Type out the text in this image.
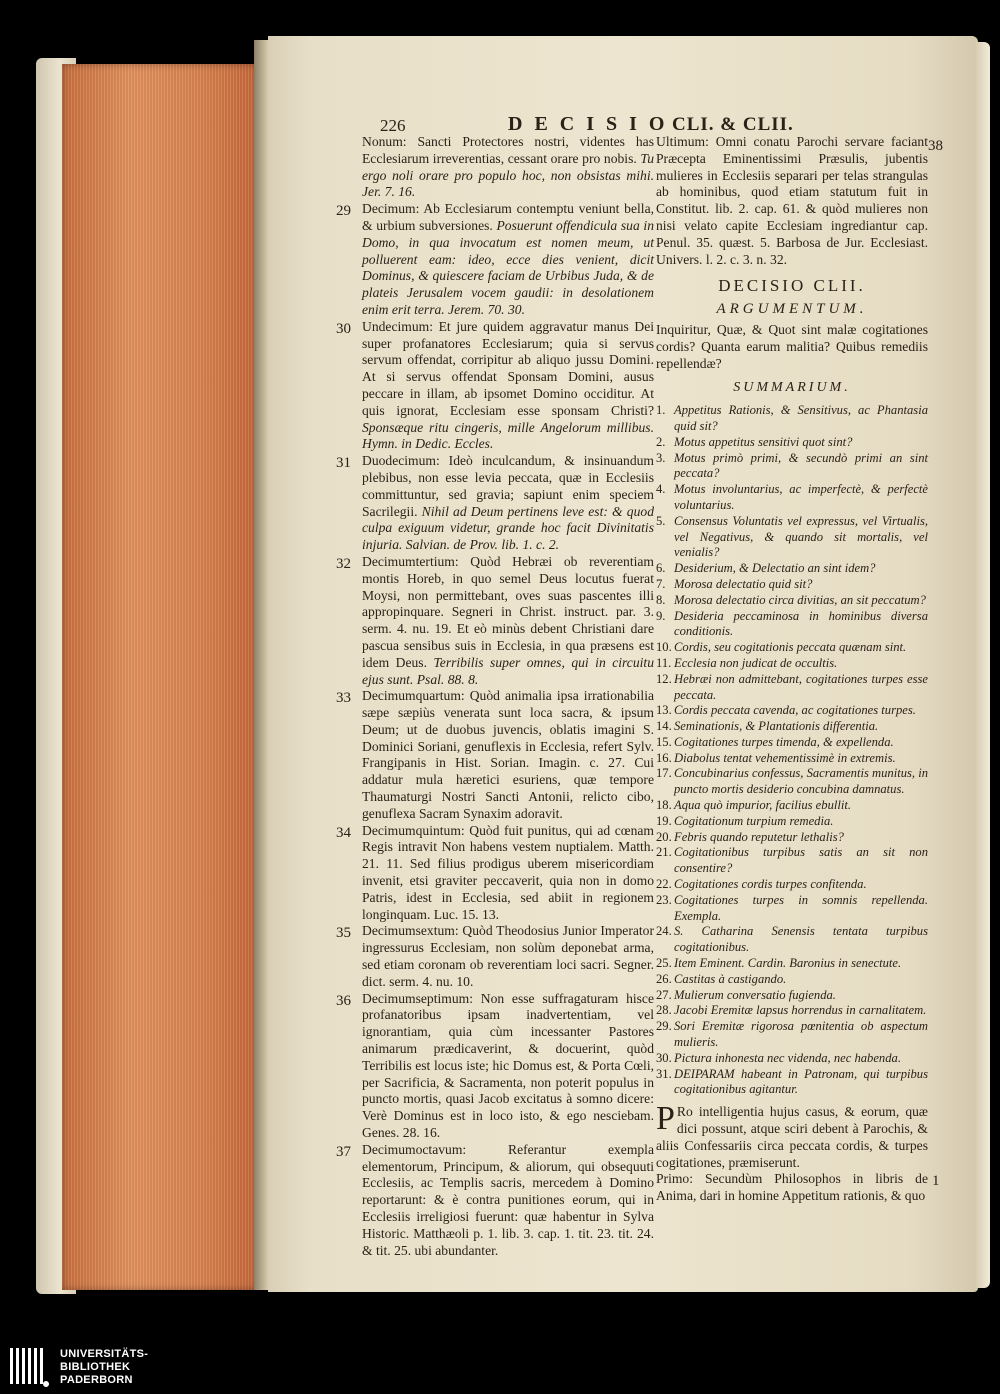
226	DECISIO
CLI. & CLII.

Nonum: Sancti Protectores nostri, videntes has Ecclesiarum irreverentias, cessant orare pro nobis. Tu ergo noli orare pro populo hoc, non obsistas mihi. Jer. 7. 16.

29 Decimum: Ab Ecclesiarum contemptu veniunt bella, & urbium subversiones. Posuerunt offendicula sua in Domo, in qua invocatum est nomen meum, ut polluerent eam: ideo, ecce dies venient, dicit Dominus, & quiescere faciam de Urbibus Juda, & de plateis Jerusalem vocem gaudii: in desolationem enim erit terra. Jerem. 70. 30.

30 Undecimum: Et jure quidem aggravatur manus Dei super profanatores Ecclesiarum; quia si servus servum offendat, corripitur ab aliquo jussu Domini. At si servus offendat Sponsam Domini, ausus peccare in illam, ab ipsomet Domino occiditur. At quis ignorat, Ecclesiam esse sponsam Christi? Sponsæque ritu cingeris, mille Angelorum millibus. Hymn. in Dedic. Eccles.

31 Duodecimum: Ideò inculcandum, & insinuandum plebibus, non esse levia peccata, quæ in Ecclesiis committuntur, sed gravia; sapiunt enim speciem Sacrilegii. Nihil ad Deum pertinens leve est: & quod culpa exiguum videtur, grande hoc facit Divinitatis injuria. Salvian. de Prov. lib. 1. c. 2.

32 Decimumtertium: Quòd Hebræi ob reverentiam montis Horeb, in quo semel Deus locutus fuerat Moysi, non permittebant, oves suas pascentes illi appropinquare. Segneri in Christ. instruct. par. 3. serm. 4. nu. 19. Et eò minùs debent Christiani dare pascua sensibus suis in Ecclesia, in qua præsens est idem Deus. Terribilis super omnes, qui in circuitu ejus sunt. Psal. 88. 8.

33 Decimumquartum: Quòd animalia ipsa irrationabilia sæpe sæpiùs venerata sunt loca sacra, & ipsum Deum; ut de duobus juvencis, oblatis imagini S. Dominici Soriani, genuflexis in Ecclesia, refert Sylv. Frangipanis in Hist. Sorian. Imagin. c. 27. Cui addatur mula hæretici esuriens, quæ tempore Thaumaturgi Nostri Sancti Antonii, relicto cibo, genuflexa Sacram Synaxim adoravit.

34 Decimumquintum: Quòd fuit punitus, qui ad cœnam Regis intravit Non habens vestem nuptialem. Matth. 21. 11. Sed filius prodigus uberem misericordiam invenit, etsi graviter peccaverit, quia non in domo Patris, idest in Ecclesia, sed abiit in regionem longinquam. Luc. 15. 13.

35 Decimumsextum: Quòd Theodosius Junior Imperator ingressurus Ecclesiam, non solùm deponebat arma, sed etiam coronam ob reverentiam loci sacri. Segner. dict. serm. 4. nu. 10.

36 Decimumseptimum: Non esse suffragaturam hisce profanatoribus ipsam inadvertentiam, vel ignorantiam, quia cùm incessanter Pastores animarum prædicaverint, & docuerint, quòd Terribilis est locus iste; hic Domus est, & Porta Cœli, per Sacrificia, & Sacramenta, non poterit populus in puncto mortis, quasi Jacob excitatus à somno dicere: Verè Dominus est in loco isto, & ego nesciebam. Genes. 28. 16.

37 Decimumoctavum: Referantur exempla elementorum, Principum, & aliorum, qui obsequuti Ecclesiis, ac Templis sacris, mercedem à Domino reportarunt: & è contra punitiones eorum, qui in Ecclesiis irreligiosi fuerunt: quæ habentur in Sylva Historic. Matthæoli p. 1. lib. 3. cap. 1. tit. 23. tit. 24. & tit. 25. ubi abundanter.

38

Ultimum: Omni conatu Parochi servare faciant Præcepta Eminentissimi Præsulis, jubentis mulieres in Ecclesiis separari per telas strangulas ab hominibus, quod etiam statutum fuit in Constitut. lib. 2. cap. 61. & quòd mulieres non nisi velato capite Ecclesiam ingrediantur cap. Penul. 35. quæst. 5. Barbosa de Jur. Ecclesiast. Univers. l. 2. c. 3. n. 32.

DECISIO CLII.
ARGUMENTUM.

Inquiritur, Quæ, & Quot sint malæ cogitationes cordis? Quanta earum malitia? Quibus remediis repellendæ?

SUMMARIUM.
1. Appetitus Rationis, & Sensitivus, ac Phantasia quid sit?
2. Motus appetitus sensitivi quot sint?
3. Motus primò primi, & secundò primi an sint peccata?
4. Motus involuntarius, ac imperfectè, & perfectè voluntarius.
5. Consensus Voluntatis vel expressus, vel Virtualis, vel Negativus, & quando sit mortalis, vel venialis?
6. Desiderium, & Delectatio an sint idem?
7. Morosa delectatio quid sit?
8. Morosa delectatio circa divitias, an sit peccatum?
9. Desideria peccaminosa in hominibus diversa conditionis.
10. Cordis, seu cogitationis peccata quænam sint.
11. Ecclesia non judicat de occultis.
12. Hebræi non admittebant, cogitationes turpes esse peccata.
13. Cordis peccata cavenda, ac cogitationes turpes.
14. Seminationis, & Plantationis differentia.
15. Cogitationes turpes timenda, & expellenda.
16. Diabolus tentat vehementissimè in extremis.
17. Concubinarius confessus, Sacramentis munitus, in puncto mortis desiderio concubina damnatus.
18. Aqua quò impurior, facilius ebullit.
19. Cogitationum turpium remedia.
20. Febris quando reputetur lethalis?
21. Cogitationibus turpibus satis an sit non consentire?
22. Cogitationes cordis turpes confitenda.
23. Cogitationes turpes in somnis repellenda. Exempla.
24. S. Catharina Senensis tentata turpibus cogitationibus.
25. Item Eminent. Cardin. Baronius in senectute.
26. Castitas à castigando.
27. Mulierum conversatio fugienda.
28. Jacobi Eremitæ lapsus horrendus in carnalitatem.
29. Sori Eremitæ rigorosa pœnitentia ob aspectum mulieris.
30. Pictura inhonesta nec videnda, nec habenda.
31. DEIPARAM habeant in Patronam, qui turpibus cogitationibus agitantur.

P Ro intelligentia hujus casus, & eorum, quæ dici possunt, atque sciri debent à Parochis, & aliis Confessariis circa peccata cordis, & turpes cogitationes, præmiserunt.

Primo: Secundùm Philosophos in libris de Anima, dari in homine Appetitum rationis, & quo
1

UNIVERSITÄTS-
BIBLIOTHEK
PADERBORN
